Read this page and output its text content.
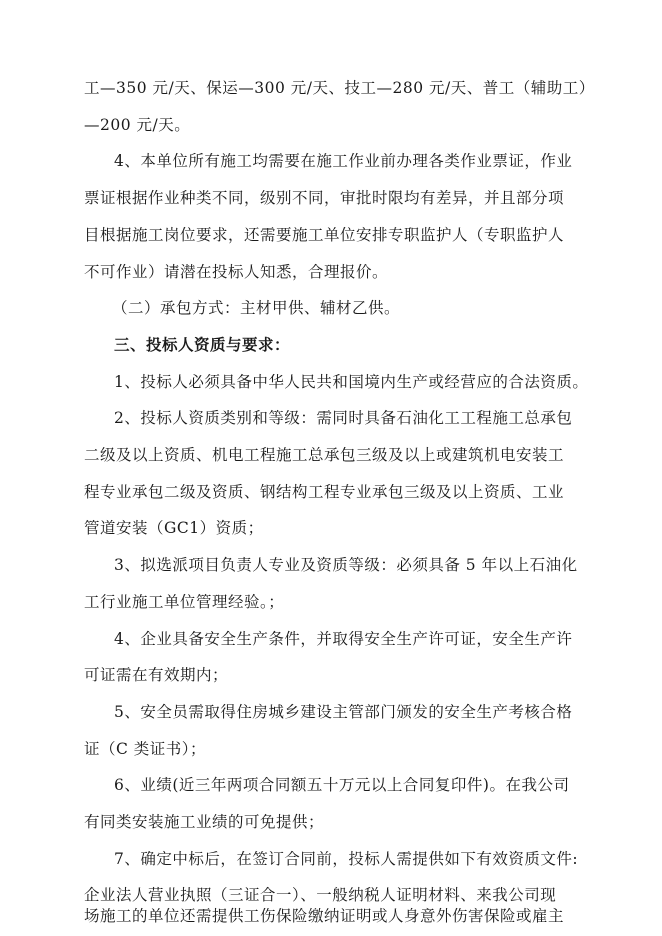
工—350 元/天、保运—300 元/天、技工—280 元/天、普工（辅助工）

—200 元/天。

4、本单位所有施工均需要在施工作业前办理各类作业票证，作业

票证根据作业种类不同，级别不同，审批时限均有差异，并且部分项

目根据施工岗位要求，还需要施工单位安排专职监护人（专职监护人

不可作业）请潜在投标人知悉，合理报价。

（二）承包方式：主材甲供、辅材乙供。

三、投标人资质与要求：

1、投标人必须具备中华人民共和国境内生产或经营应的合法资质。

2、投标人资质类别和等级：需同时具备石油化工工程施工总承包

二级及以上资质、机电工程施工总承包三级及以上或建筑机电安装工

程专业承包二级及资质、钢结构工程专业承包三级及以上资质、工业

管道安装（GC1）资质；

3、拟选派项目负责人专业及资质等级：必须具备 5 年以上石油化

工行业施工单位管理经验。；

4、企业具备安全生产条件，并取得安全生产许可证，安全生产许

可证需在有效期内；

5、安全员需取得住房城乡建设主管部门颁发的安全生产考核合格

证（C 类证书）；

6、业绩(近三年两项合同额五十万元以上合同复印件)。在我公司

有同类安装施工业绩的可免提供；

7、确定中标后，在签订合同前，投标人需提供如下有效资质文件:

企业法人营业执照（三证合一）、一般纳税人证明材料、来我公司现

场施工的单位还需提供工伤保险缴纳证明或人身意外伤害保险或雇主
